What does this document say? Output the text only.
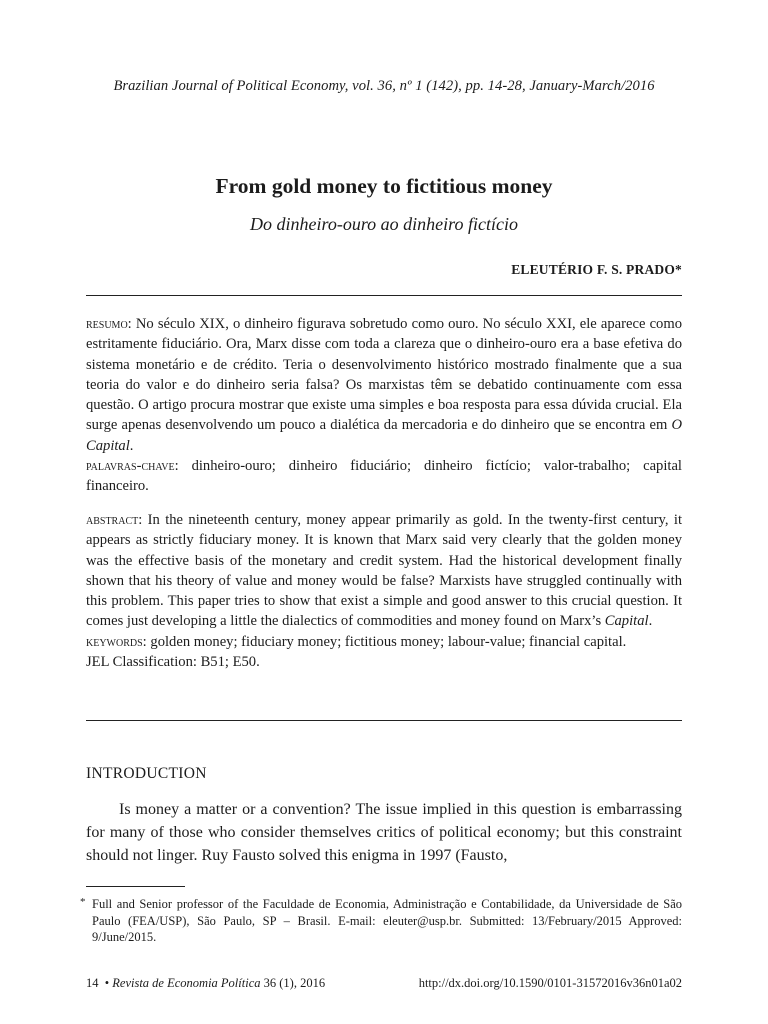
Brazilian Journal of Political Economy, vol. 36, nº 1 (142), pp. 14-28, January-March/2016
From gold money to fictitious money
Do dinheiro-ouro ao dinheiro fictício
ELEUTÉRIO F. S. PRADO*

resumo: No século XIX, o dinheiro figurava sobretudo como ouro. No século XXI, ele aparece como estritamente fiduciário. Ora, Marx disse com toda a clareza que o dinheiro-ouro era a base efetiva do sistema monetário e de crédito. Teria o desenvolvimento histórico mostrado finalmente que a sua teoria do valor e do dinheiro seria falsa? Os marxistas têm se debatido continuamente com essa questão. O artigo procura mostrar que existe uma simples e boa resposta para essa dúvida crucial. Ela surge apenas desenvolvendo um pouco a dialética da mercadoria e do dinheiro que se encontra em O Capital.

palavras-chave: dinheiro-ouro; dinheiro fiduciário; dinheiro fictício; valor-trabalho; capital financeiro.

abstract: In the nineteenth century, money appear primarily as gold. In the twenty-first century, it appears as strictly fiduciary money. It is known that Marx said very clearly that the golden money was the effective basis of the monetary and credit system. Had the historical development finally shown that his theory of value and money would be false? Marxists have struggled continually with this problem. This paper tries to show that exist a simple and good answer to this crucial question. It comes just developing a little the dialectics of commodities and money found on Marx’s Capital.

keywords: golden money; fiduciary money; fictitious money; labour-value; financial capital.

JEL Classification: B51; E50.

INTRODUCTION

Is money a matter or a convention? The issue implied in this question is embarrassing for many of those who consider themselves critics of political economy; but this constraint should not linger. Ruy Fausto solved this enigma in 1997 (Fausto,

* Full and Senior professor of the Faculdade de Economia, Administração e Contabilidade, da Universidade de São Paulo (FEA/USP), São Paulo, SP – Brasil. E-mail: eleuter@usp.br. Submitted: 13/February/2015 Approved: 9/June/2015.
14 • Revista de Economia Política 36 (1), 2016	http://dx.doi.org/10.1590/0101-31572016v36n01a02
